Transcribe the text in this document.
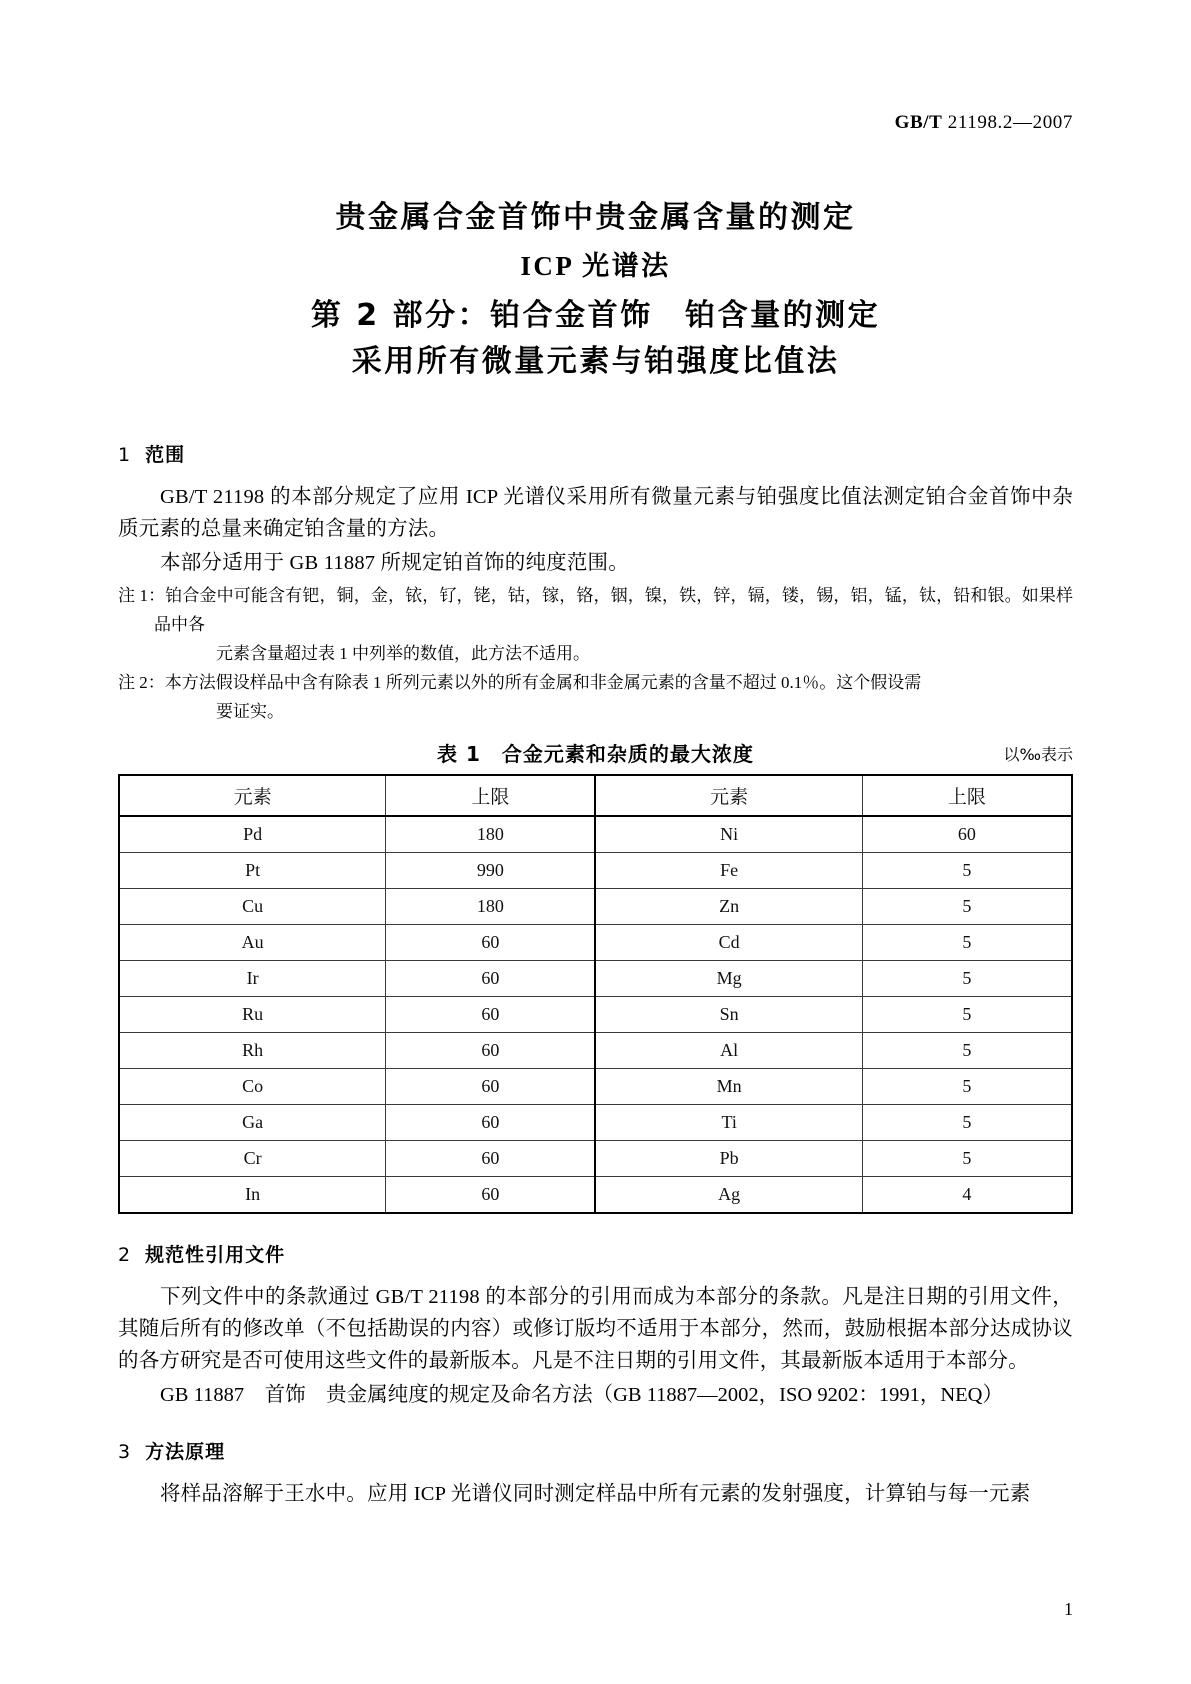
GB/T 21198.2—2007
贵金属合金首饰中贵金属含量的测定
ICP 光谱法
第 2 部分：铂合金首饰　铂含量的测定
采用所有微量元素与铂强度比值法
1 范围

GB/T 21198 的本部分规定了应用 ICP 光谱仪采用所有微量元素与铂强度比值法测定铂合金首饰中杂质元素的总量来确定铂含量的方法。

本部分适用于 GB 11887 所规定铂首饰的纯度范围。

注 1：铂合金中可能含有钯，铜，金，铱，钌，铑，钴，镓，铬，铟，镍，铁，锌，镉，镂，锡，铝，锰，钛，铅和银。如果样品中各
元素含量超过表 1 中列举的数值，此方法不适用。

注 2：本方法假设样品中含有除表 1 所列元素以外的所有金属和非金属元素的含量不超过 0.1％。这个假设需
要证实。

表 1　合金元素和杂质的最大浓度	以‰表示
元素	上限	元素	上限
Pd	180	Ni	60
Pt	990	Fe	5
Cu	180	Zn	5
Au	60	Cd	5
Ir	60	Mg	5
Ru	60	Sn	5
Rh	60	Al	5
Co	60	Mn	5
Ga	60	Ti	5
Cr	60	Pb	5
In	60	Ag	4
2 规范性引用文件

下列文件中的条款通过 GB/T 21198 的本部分的引用而成为本部分的条款。凡是注日期的引用文件，其随后所有的修改单（不包括勘误的内容）或修订版均不适用于本部分，然而，鼓励根据本部分达成协议的各方研究是否可使用这些文件的最新版本。凡是不注日期的引用文件，其最新版本适用于本部分。

GB 11887　首饰　贵金属纯度的规定及命名方法（GB 11887—2002，ISO 9202：1991，NEQ）

3 方法原理

将样品溶解于王水中。应用 ICP 光谱仪同时测定样品中所有元素的发射强度，计算铂与每一元素

1
